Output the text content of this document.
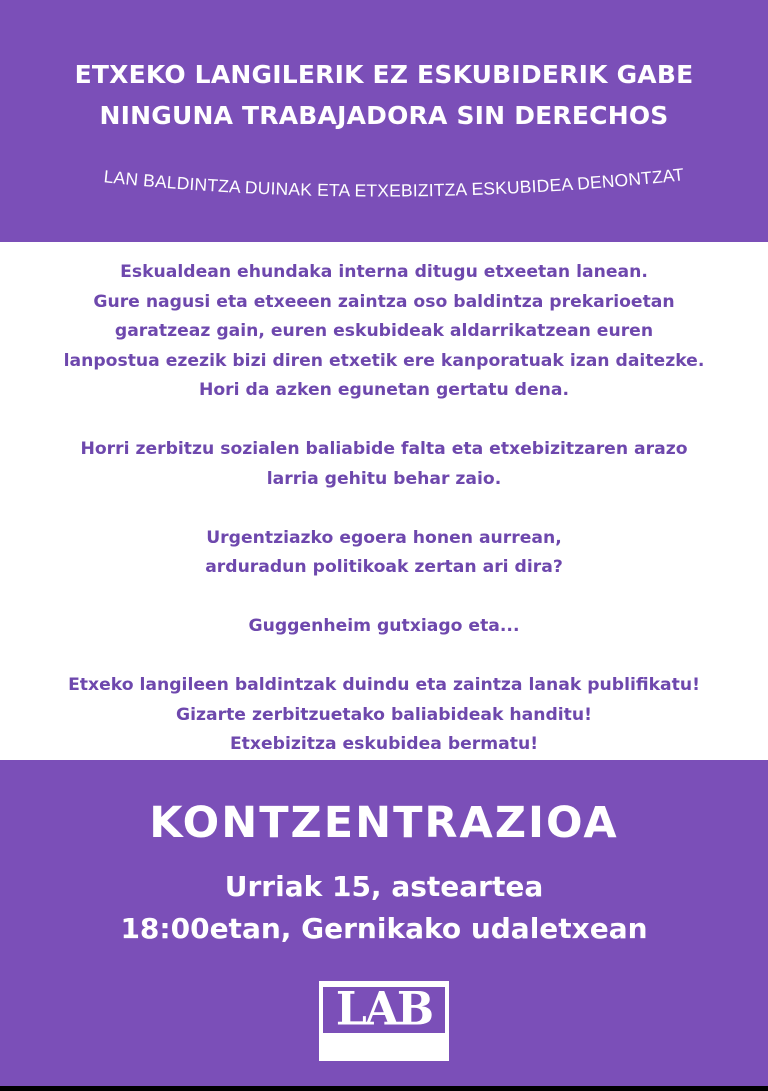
ETXEKO LANGILERIK EZ ESKUBIDERIK GABE
NINGUNA TRABAJADORA SIN DERECHOS
LAN BALDINTZA DUINAK ETA ETXEBIZITZA ESKUBIDEA DENONTZAT

Eskualdean ehundaka interna ditugu etxeetan lanean.
Gure nagusi eta etxeeen zaintza oso baldintza prekarioetan
garatzeaz gain, euren eskubideak aldarrikatzean euren
lanpostua ezezik bizi diren etxetik ere kanporatuak izan daitezke.
Hori da azken egunetan gertatu dena.

Horri zerbitzu sozialen baliabide falta eta etxebizitzaren arazo
larria gehitu behar zaio.

Urgentziazko egoera honen aurrean,
arduradun politikoak zertan ari dira?

Guggenheim gutxiago eta...

Etxeko langileen baldintzak duindu eta zaintza lanak publifikatu!
Gizarte zerbitzuetako baliabideak handitu!
Etxebizitza eskubidea bermatu!

KONTZENTRAZIOA
Urriak 15, asteartea
18:00etan, Gernikako udaletxean
LAB
